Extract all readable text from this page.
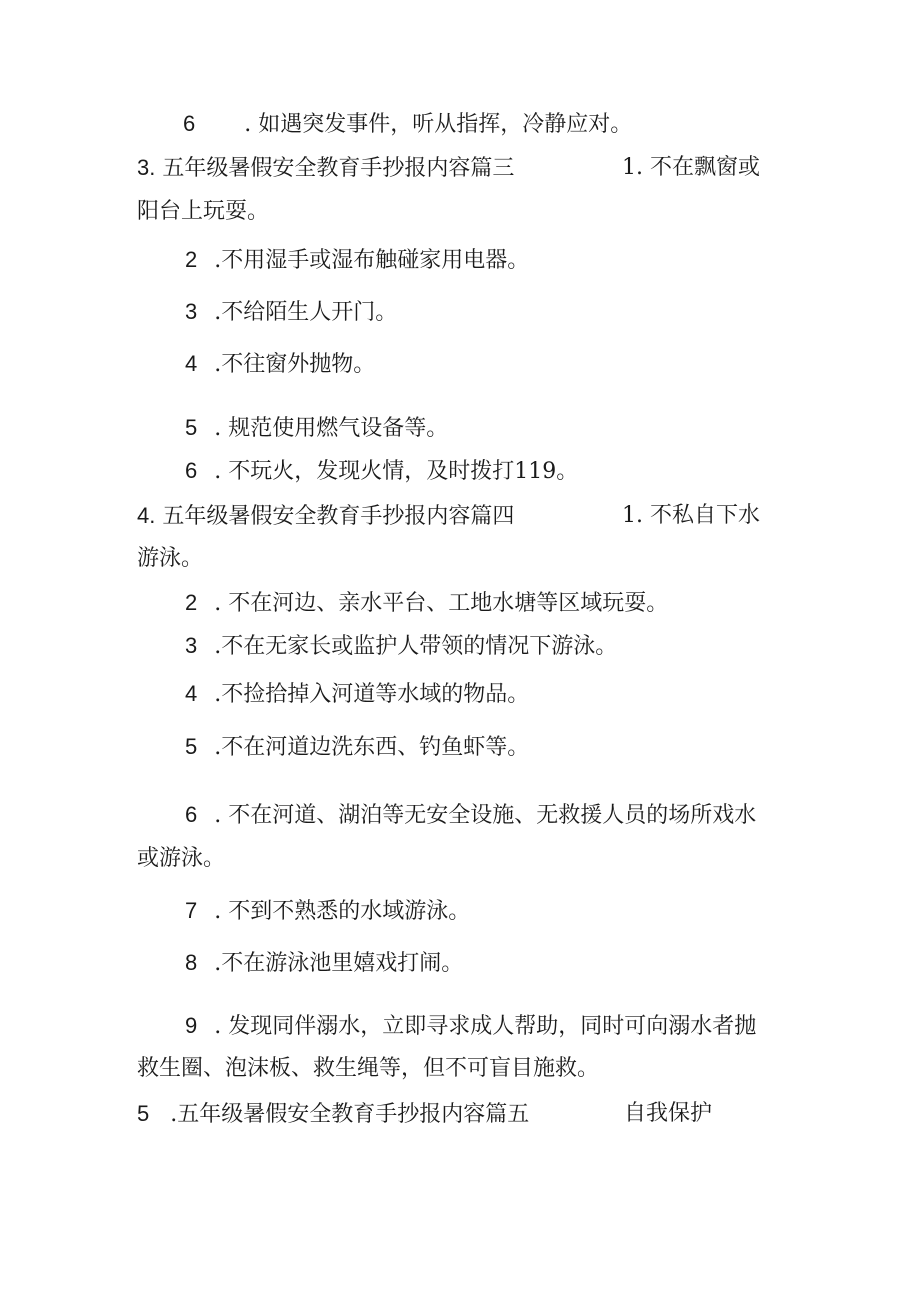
6 . 如遇突发事件，听从指挥，冷静应对。
3. 五年级暑假安全教育手抄报内容篇三	1. 不在飘窗或
阳台上玩耍。
2 .不用湿手或湿布触碰家用电器。
3 .不给陌生人开门。
4 .不往窗外抛物。
5 . 规范使用燃气设备等。
6 . 不玩火，发现火情，及时拨打119。
4. 五年级暑假安全教育手抄报内容篇四	1. 不私自下水
游泳。
2 . 不在河边、亲水平台、工地水塘等区域玩耍。
3 .不在无家长或监护人带领的情况下游泳。
4 .不捡拾掉入河道等水域的物品。
5 .不在河道边洗东西、钓鱼虾等。
6 . 不在河道、湖泊等无安全设施、无救援人员的场所戏水
或游泳。
7 . 不到不熟悉的水域游泳。
8 .不在游泳池里嬉戏打闹。
9 . 发现同伴溺水，立即寻求成人帮助，同时可向溺水者抛
救生圈、泡沫板、救生绳等，但不可盲目施救。
5 .五年级暑假安全教育手抄报内容篇五	自我保护
